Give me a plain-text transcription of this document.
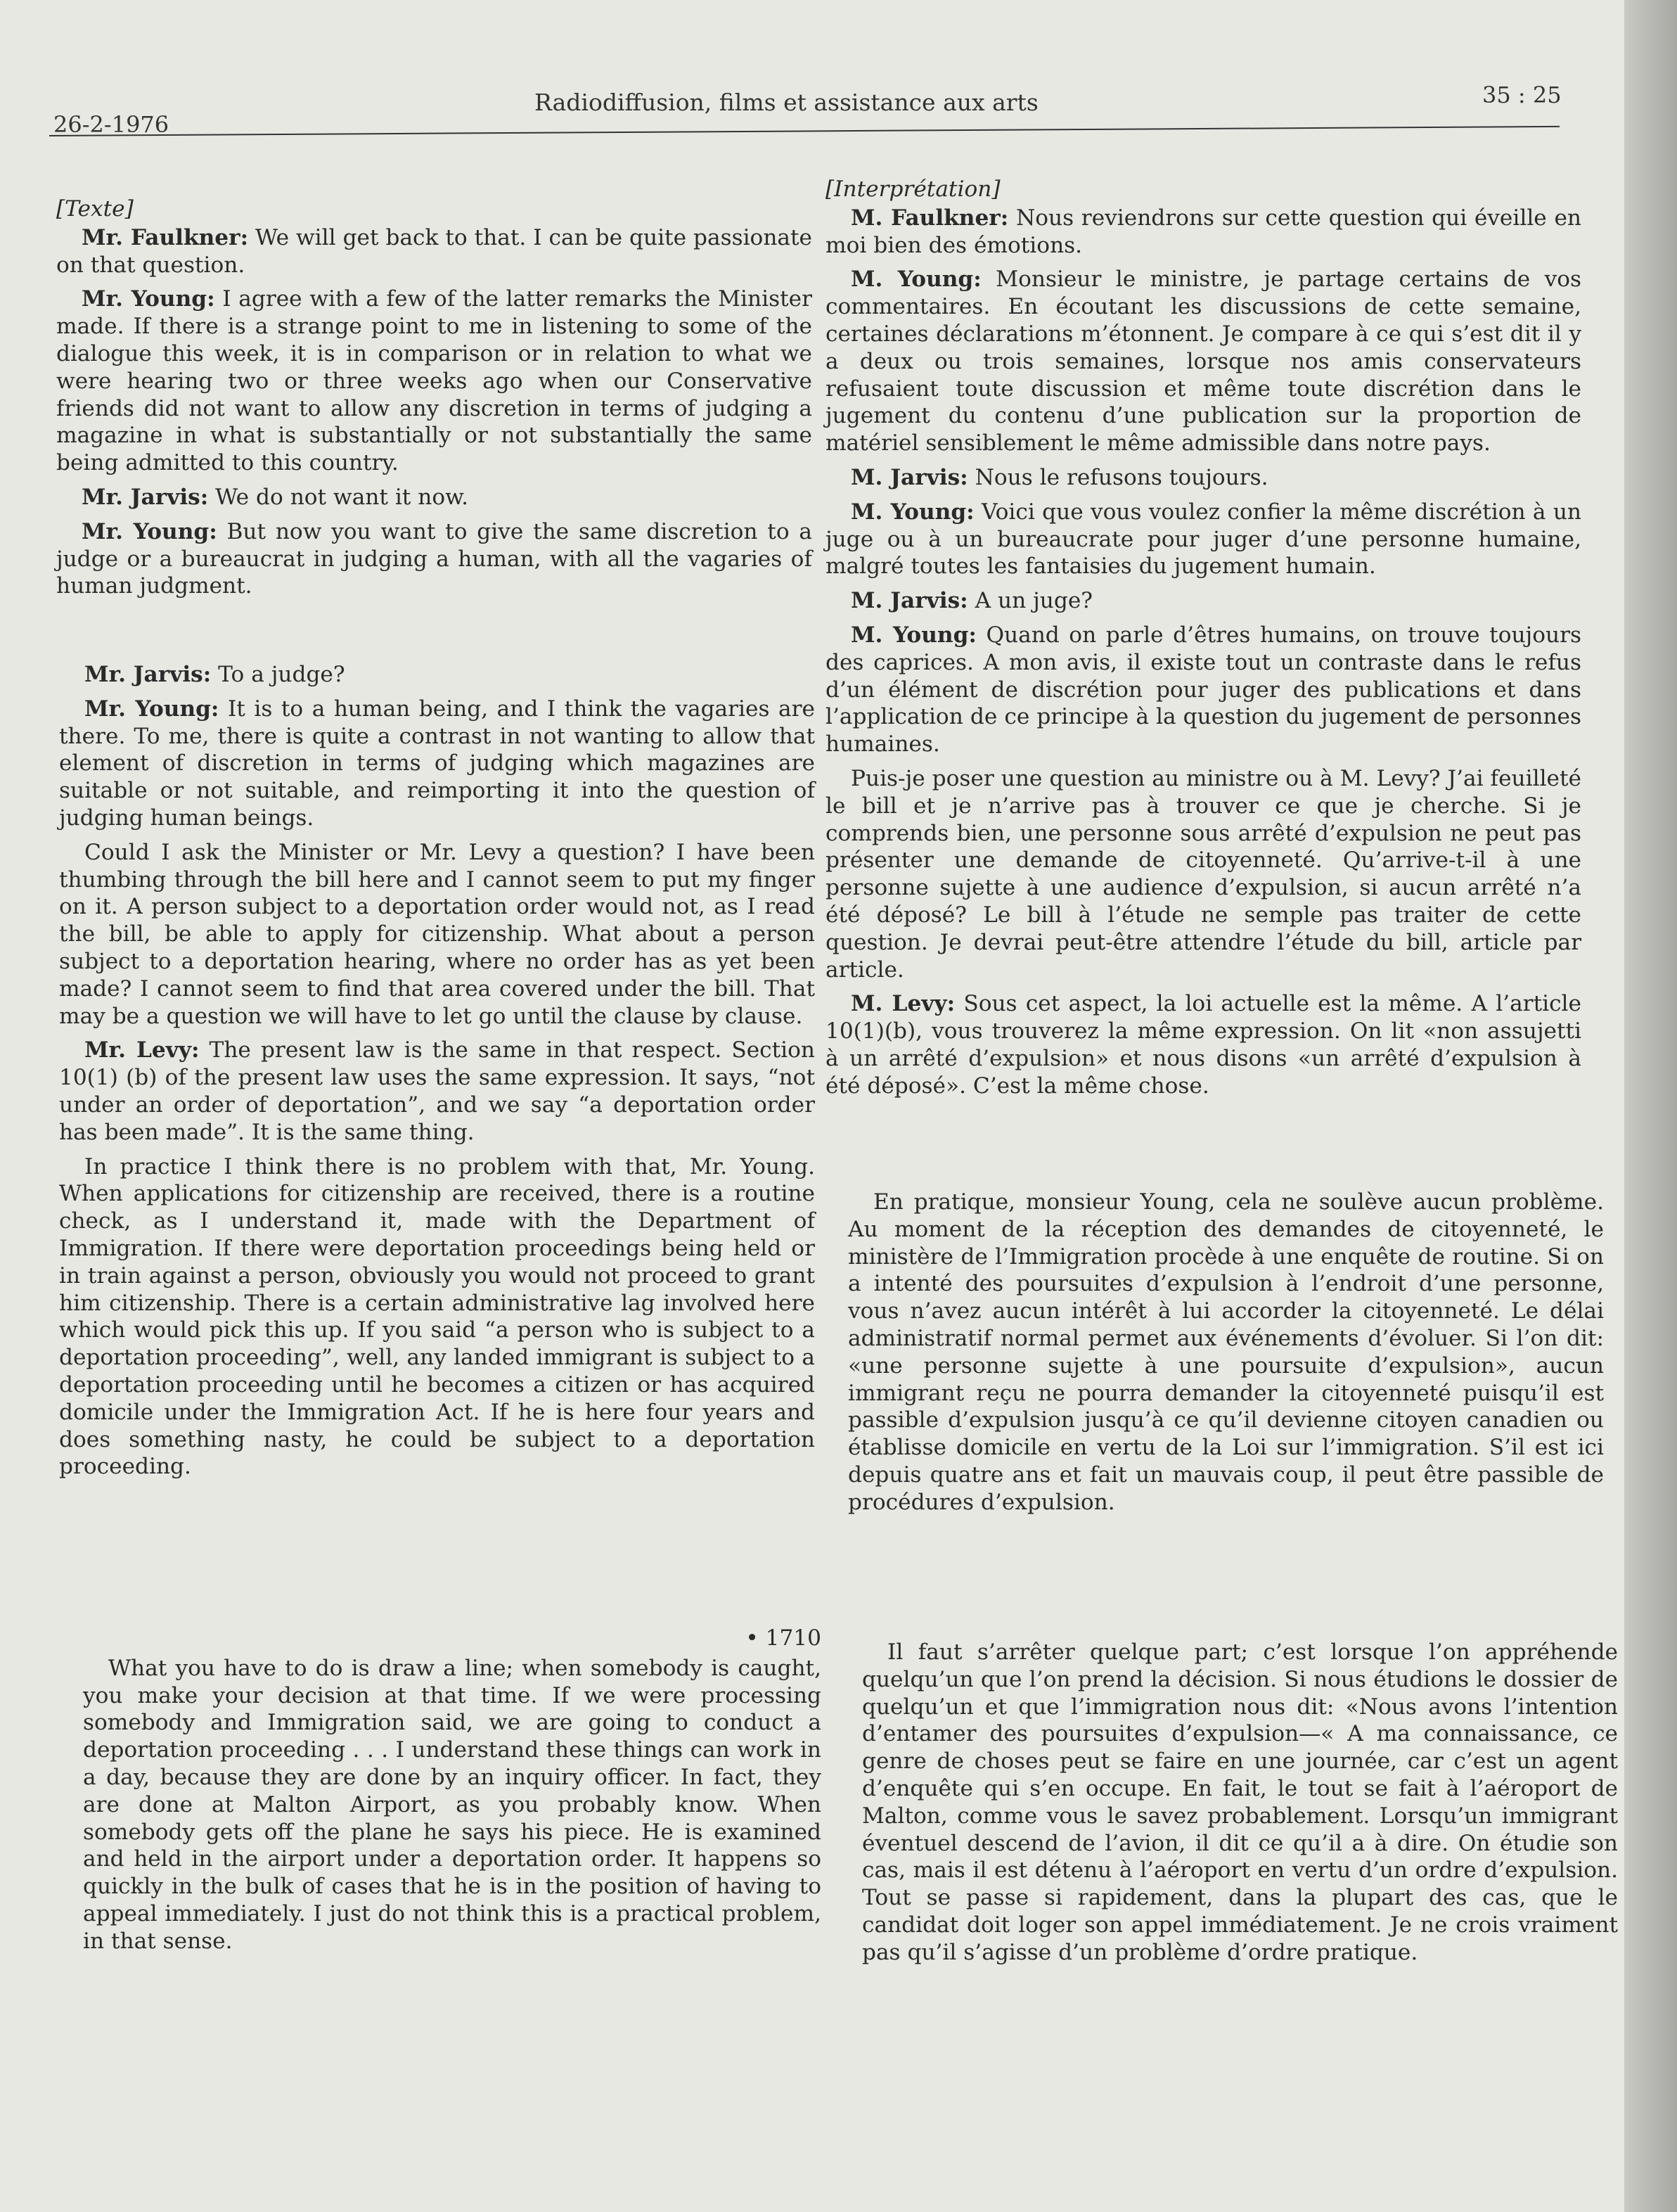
26-2-1976
Radiodiffusion, films et assistance aux arts	35 : 25

[ Texte ]

Mr. Faulkner: We will get back to that. I can be quite passionate on that question.

Mr. Young: I agree with a few of the latter remarks the Minister made. If there is a strange point to me in listening to some of the dialogue this week, it is in comparison or in relation to what we were hearing two or three weeks ago when our Conservative friends did not want to allow any discretion in terms of judging a magazine in what is substantially or not substantially the same being admitted to this country.

Mr. Jarvis: We do not want it now.

Mr. Young: But now you want to give the same discretion to a judge or a bureaucrat in judging a human, with all the vagaries of human judgment.

Mr. Jarvis: To a judge?

Mr. Young: It is to a human being, and I think the vagaries are there. To me, there is quite a contrast in not wanting to allow that element of discretion in terms of judging which magazines are suitable or not suitable, and reimporting it into the question of judging human beings.

Could I ask the Minister or Mr. Levy a question? I have been thumbing through the bill here and I cannot seem to put my finger on it. A person subject to a deportation order would not, as I read the bill, be able to apply for citizenship. What about a person subject to a deportation hearing, where no order has as yet been made? I cannot seem to find that area covered under the bill. That may be a question we will have to let go until the clause by clause.

Mr. Levy: The present law is the same in that respect. Section 10(1) (b) of the present law uses the same expression. It says, “not under an order of deportation”, and we say “a deportation order has been made”. It is the same thing.

In practice I think there is no problem with that, Mr. Young. When applications for citizenship are received, there is a routine check, as I understand it, made with the Department of Immigration. If there were deportation proceedings being held or in train against a person, obviously you would not proceed to grant him citizenship. There is a certain administrative lag involved here which would pick this up. If you said “a person who is subject to a deportation proceeding”, well, any landed immigrant is subject to a deportation proceeding until he becomes a citizen or has acquired domicile under the Immigration Act. If he is here four years and does something nasty, he could be subject to a deportation proceeding.

• 1710

What you have to do is draw a line; when somebody is caught, you make your decision at that time. If we were processing somebody and Immigration said, we are going to conduct a deportation proceeding . . . I understand these things can work in a day, because they are done by an inquiry officer. In fact, they are done at Malton Airport, as you probably know. When somebody gets off the plane he says his piece. He is examined and held in the airport under a deportation order. It happens so quickly in the bulk of cases that he is in the position of having to appeal immediately. I just do not think this is a practical problem, in that sense.

[ Interprétation ]

M. Faulkner: Nous reviendrons sur cette question qui éveille en moi bien des émotions.

M. Young: Monsieur le ministre, je partage certains de vos commentaires. En écoutant les discussions de cette semaine, certaines déclarations m’étonnent. Je compare à ce qui s’est dit il y a deux ou trois semaines, lorsque nos amis conservateurs refusaient toute discussion et même toute discrétion dans le jugement du contenu d’une publication sur la proportion de matériel sensiblement le même admissible dans notre pays.

M. Jarvis: Nous le refusons toujours.

M. Young: Voici que vous voulez confier la même discrétion à un juge ou à un bureaucrate pour juger d’une personne humaine, malgré toutes les fantaisies du jugement humain.

M. Jarvis: A un juge?

M. Young: Quand on parle d’êtres humains, on trouve toujours des caprices. A mon avis, il existe tout un contraste dans le refus d’un élément de discrétion pour juger des publications et dans l’application de ce principe à la question du jugement de personnes humaines.

Puis-je poser une question au ministre ou à M. Levy? J’ai feuilleté le bill et je n’arrive pas à trouver ce que je cherche. Si je comprends bien, une personne sous arrêté d’expulsion ne peut pas présenter une demande de citoyenneté. Qu’arrive-t-il à une personne sujette à une audience d’expulsion, si aucun arrêté n’a été déposé? Le bill à l’étude ne semple pas traiter de cette question. Je devrai peut-être attendre l’étude du bill, article par article.

M. Levy: Sous cet aspect, la loi actuelle est la même. A l’article 10(1)(b), vous trouverez la même expression. On lit «non assujetti à un arrêté d’expulsion» et nous disons «un arrêté d’expulsion à été déposé». C’est la même chose.

En pratique, monsieur Young, cela ne soulève aucun problème. Au moment de la réception des demandes de citoyenneté, le ministère de l’Immigration procède à une enquête de routine. Si on a intenté des poursuites d’expulsion à l’endroit d’une personne, vous n’avez aucun intérêt à lui accorder la citoyenneté. Le délai administratif normal permet aux événements d’évoluer. Si l’on dit: «une personne sujette à une poursuite d’expulsion», aucun immigrant reçu ne pourra demander la citoyenneté puisqu’il est passible d’expulsion jusqu’à ce qu’il devienne citoyen canadien ou établisse domicile en vertu de la Loi sur l’immigration. S’il est ici depuis quatre ans et fait un mauvais coup, il peut être passible de procédures d’expulsion.

Il faut s’arrêter quelque part; c’est lorsque l’on appréhende quelqu’un que l’on prend la décision. Si nous étudions le dossier de quelqu’un et que l’immigration nous dit: «Nous avons l’intention d’entamer des poursuites d’expulsion—« A ma connaissance, ce genre de choses peut se faire en une journée, car c’est un agent d’enquête qui s’en occupe. En fait, le tout se fait à l’aéroport de Malton, comme vous le savez probablement. Lorsqu’un immigrant éventuel descend de l’avion, il dit ce qu’il a à dire. On étudie son cas, mais il est détenu à l’aéroport en vertu d’un ordre d’expulsion. Tout se passe si rapidement, dans la plupart des cas, que le candidat doit loger son appel immédiatement. Je ne crois vraiment pas qu’il s’agisse d’un problème d’ordre pratique.
